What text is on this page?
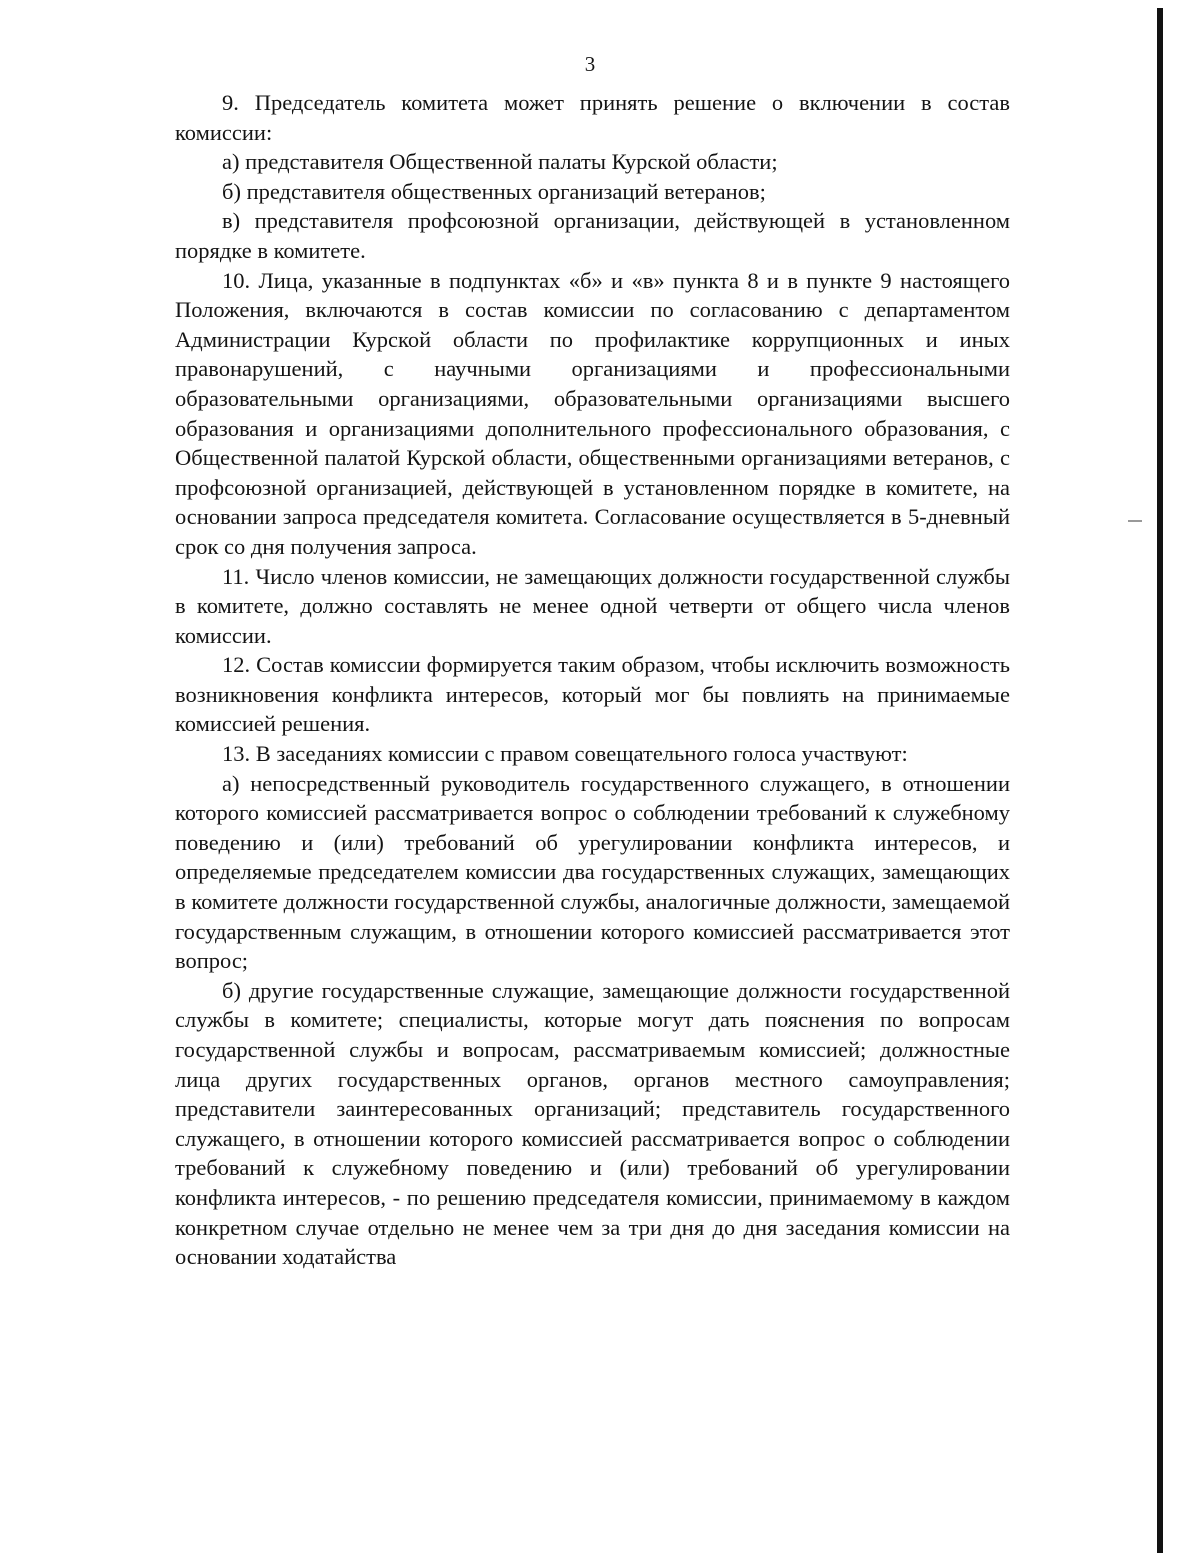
3

9. Председатель комитета может принять решение о включении в состав комиссии:

а) представителя Общественной палаты Курской области;

б) представителя общественных организаций ветеранов;

в) представителя профсоюзной организации, действующей в установленном порядке в комитете.

10. Лица, указанные в подпунктах «б» и «в» пункта 8 и в пункте 9 настоящего Положения, включаются в состав комиссии по согласованию с департаментом Администрации Курской области по профилактике коррупционных и иных правонарушений, с научными организациями и профессиональными образовательными организациями, образовательными организациями высшего образования и организациями дополнительного профессионального образования, с Общественной палатой Курской области, общественными организациями ветеранов, с профсоюзной организацией, действующей в установленном порядке в комитете, на основании запроса председателя комитета. Согласование осуществляется в 5-дневный срок со дня получения запроса.

11. Число членов комиссии, не замещающих должности государственной службы в комитете, должно составлять не менее одной четверти от общего числа членов комиссии.

12. Состав комиссии формируется таким образом, чтобы исключить возможность возникновения конфликта интересов, который мог бы повлиять на принимаемые комиссией решения.

13. В заседаниях комиссии с правом совещательного голоса участвуют:

а) непосредственный руководитель государственного служащего, в отношении которого комиссией рассматривается вопрос о соблюдении требований к служебному поведению и (или) требований об урегулировании конфликта интересов, и определяемые председателем комиссии два государственных служащих, замещающих в комитете должности государственной службы, аналогичные должности, замещаемой государственным служащим, в отношении которого комиссией рассматривается этот вопрос;

б) другие государственные служащие, замещающие должности государственной службы в комитете; специалисты, которые могут дать пояснения по вопросам государственной службы и вопросам, рассматриваемым комиссией; должностные лица других государственных органов, органов местного самоуправления; представители заинтересованных организаций; представитель государственного служащего, в отношении которого комиссией рассматривается вопрос о соблюдении требований к служебному поведению и (или) требований об урегулировании конфликта интересов, - по решению председателя комиссии, принимаемому в каждом конкретном случае отдельно не менее чем за три дня до дня заседания комиссии на основании ходатайства
